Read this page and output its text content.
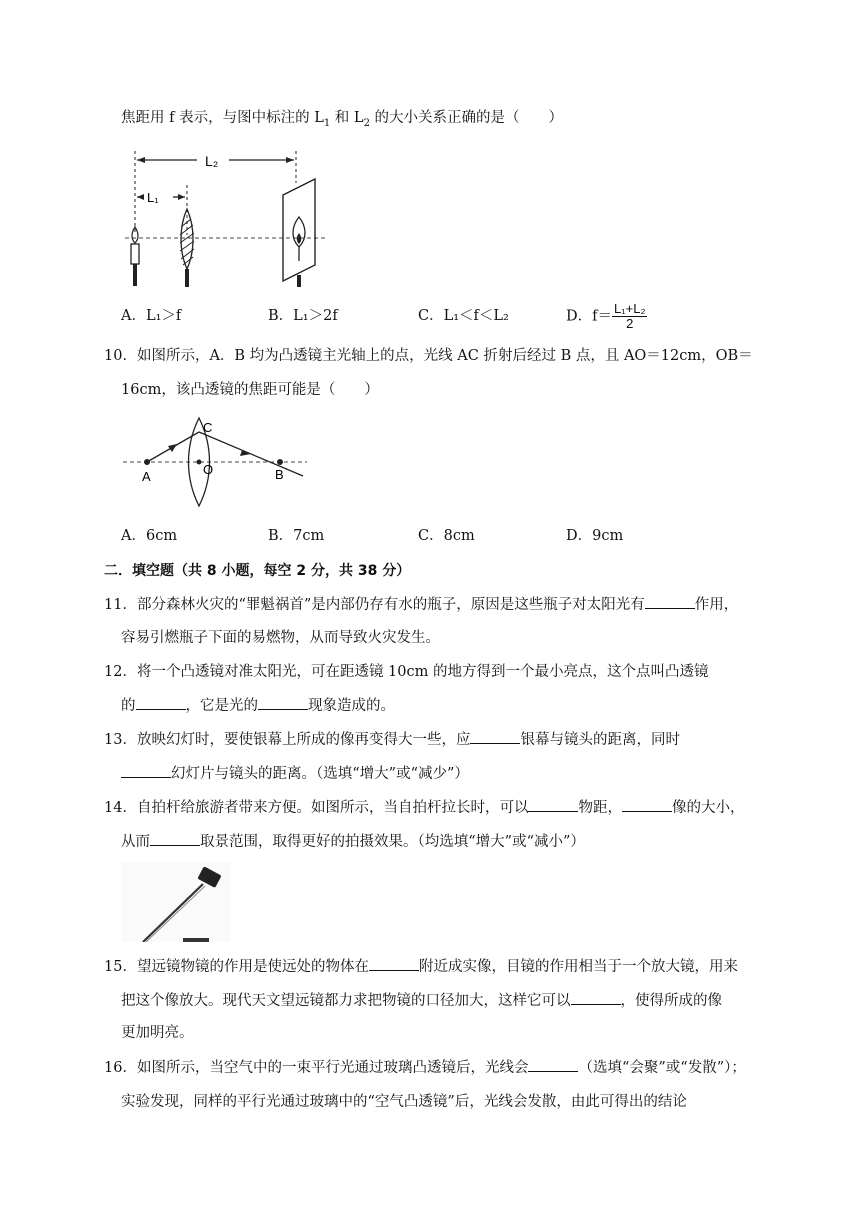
焦距用 f 表示，与图中标注的 $L_1$ 和 $L_2$ 的大小关系正确的是（　　）
L₂
L₁
A．L₁＞f	B．L₁＞2f	C．L₁＜f＜L₂	D．$f= \frac{\text{L₁+L₂}}{2}$
10．如图所示，A．B 均为凸透镜主光轴上的点，光线 AC 折射后经过 B 点，且 AO＝12cm，OB＝
16cm，该凸透镜的焦距可能是（　　）
A
C
O	B
A．6cm	B．7cm	C．8cm	D．9cm
二．填空题（共 8 小题，每空 2 分，共 38 分）
11．部分森林火灾的“罪魁祸首”是内部仍存有水的瓶子，原因是这些瓶子对太阳光有	作用，
容易引燃瓶子下面的易燃物，从而导致火灾发生。
12．将一个凸透镜对准太阳光，可在距透镜 10cm 的地方得到一个最小亮点，这个点叫凸透镜
的	，它是光的	现象造成的。
13．放映幻灯时，要使银幕上所成的像再变得大一些，应	银幕与镜头的距离，同时
幻灯片与镜头的距离。（选填“增大”或“减少”）
14．自拍杆给旅游者带来方便。如图所示，当自拍杆拉长时，可以	物距，	像的大小，
从而	取景范围，取得更好的拍摄效果。（均选填“增大”或“减小”）
15．望远镜物镜的作用是使远处的物体在	附近成实像，目镜的作用相当于一个放大镜，用来
把这个像放大。现代天文望远镜都力求把物镜的口径加大，这样它可以	，使得所成的像
更加明亮。
16．如图所示，当空气中的一束平行光通过玻璃凸透镜后，光线会	（选填“会聚”或“发散”）；
实验发现，同样的平行光通过玻璃中的“空气凸透镜”后，光线会发散，由此可得出的结论
